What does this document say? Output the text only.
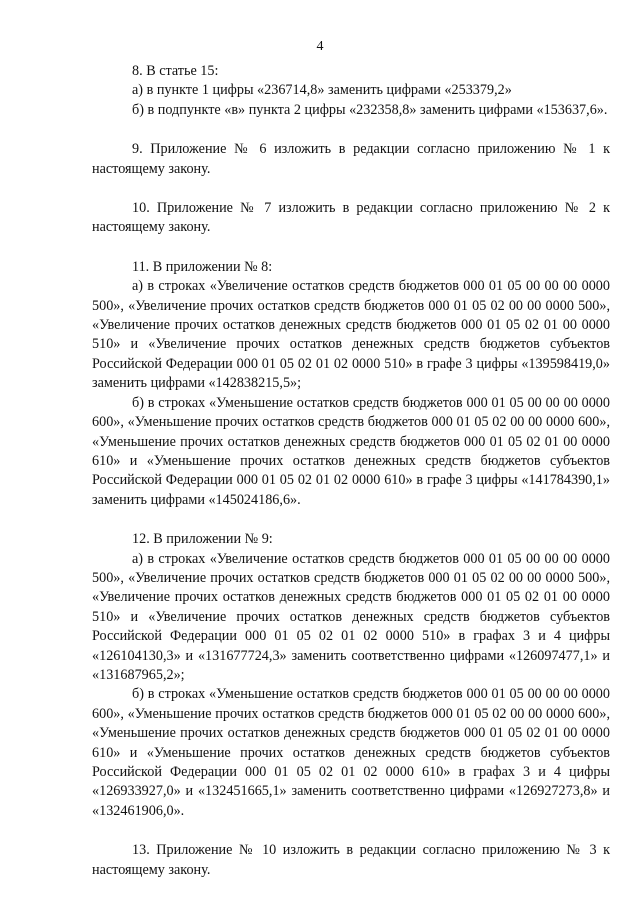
4

8. В статье 15:

а) в пункте 1 цифры «236714,8» заменить цифрами «253379,2»

б) в подпункте «в» пункта 2 цифры «232358,8» заменить цифрами «153637,6».

9. Приложение № 6 изложить в редакции согласно приложению № 1 к настоящему закону.

10. Приложение № 7 изложить в редакции согласно приложению № 2 к настоящему закону.

11. В приложении № 8:

а) в строках «Увеличение остатков средств бюджетов 000 01 05 00 00 00 0000 500», «Увеличение прочих остатков средств бюджетов 000 01 05 02 00 00 0000 500», «Увеличение прочих остатков денежных средств бюджетов 000 01 05 02 01 00 0000 510» и «Увеличение прочих остатков денежных средств бюджетов субъектов Российской Федерации 000 01 05 02 01 02 0000 510» в графе 3 цифры «139598419,0» заменить цифрами «142838215,5»;

б) в строках «Уменьшение остатков средств бюджетов 000 01 05 00 00 00 0000 600», «Уменьшение прочих остатков средств бюджетов 000 01 05 02 00 00 0000 600», «Уменьшение прочих остатков денежных средств бюджетов 000 01 05 02 01 00 0000 610» и «Уменьшение прочих остатков денежных средств бюджетов субъектов Российской Федерации 000 01 05 02 01 02 0000 610» в графе 3 цифры «141784390,1» заменить цифрами «145024186,6».

12. В приложении № 9:

а) в строках «Увеличение остатков средств бюджетов 000 01 05 00 00 00 0000 500», «Увеличение прочих остатков средств бюджетов 000 01 05 02 00 00 0000 500», «Увеличение прочих остатков денежных средств бюджетов 000 01 05 02 01 00 0000 510» и «Увеличение прочих остатков денежных средств бюджетов субъектов Российской Федерации 000 01 05 02 01 02 0000 510» в графах 3 и 4 цифры «126104130,3» и «131677724,3» заменить соответственно цифрами «126097477,1» и «131687965,2»;

б) в строках «Уменьшение остатков средств бюджетов 000 01 05 00 00 00 0000 600», «Уменьшение прочих остатков средств бюджетов 000 01 05 02 00 00 0000 600», «Уменьшение прочих остатков денежных средств бюджетов 000 01 05 02 01 00 0000 610» и «Уменьшение прочих остатков денежных средств бюджетов субъектов Российской Федерации 000 01 05 02 01 02 0000 610» в графах 3 и 4 цифры «126933927,0» и «132451665,1» заменить соответственно цифрами «126927273,8» и «132461906,0».

13. Приложение № 10 изложить в редакции согласно приложению № 3 к настоящему закону.
